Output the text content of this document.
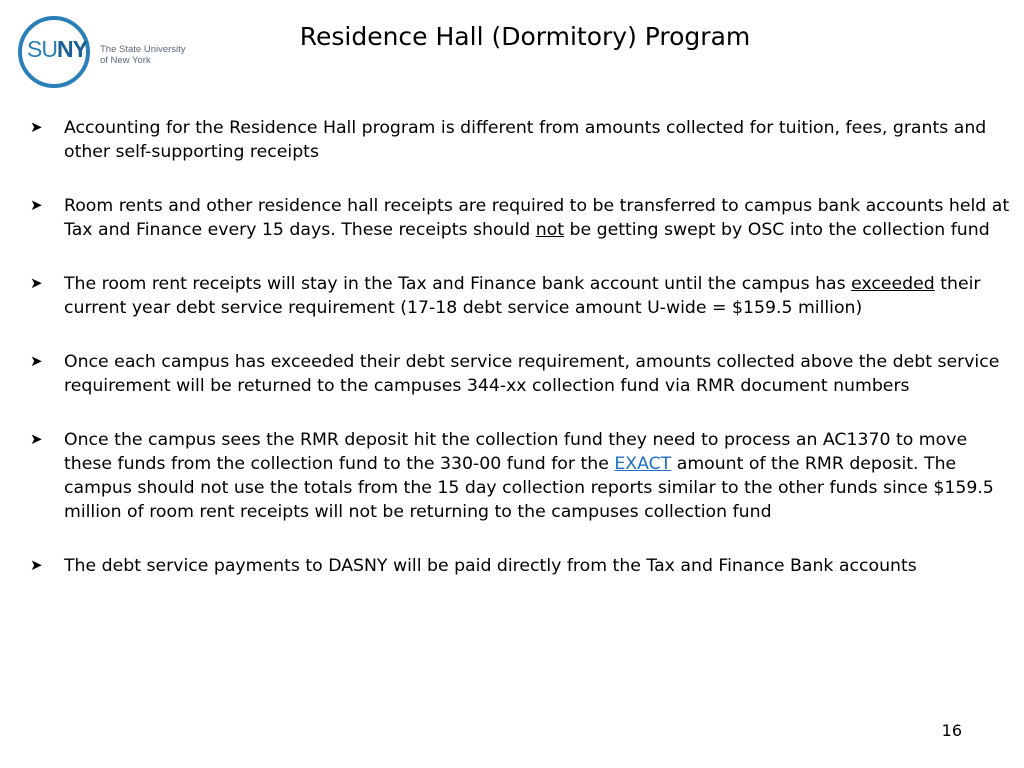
SUNY	The State University
of New York
Residence Hall (Dormitory) Program
➤ Accounting for the Residence Hall program is different from amounts collected for tuition, fees, grants and other self-supporting receipts
➤ Room rents and other residence hall receipts are required to be transferred to campus bank accounts held at Tax and Finance every 15 days. These receipts should not be getting swept by OSC into the collection fund
➤ The room rent receipts will stay in the Tax and Finance bank account until the campus has exceeded their current year debt service requirement (17-18 debt service amount U-wide = $159.5 million)
➤ Once each campus has exceeded their debt service requirement, amounts collected above the debt service requirement will be returned to the campuses 344-xx collection fund via RMR document numbers
➤ Once the campus sees the RMR deposit hit the collection fund they need to process an AC1370 to move these funds from the collection fund to the 330-00 fund for the EXACT amount of the RMR deposit. The campus should not use the totals from the 15 day collection reports similar to the other funds since $159.5 million of room rent receipts will not be returning to the campuses collection fund
➤ The debt service payments to DASNY will be paid directly from the Tax and Finance Bank accounts
16
